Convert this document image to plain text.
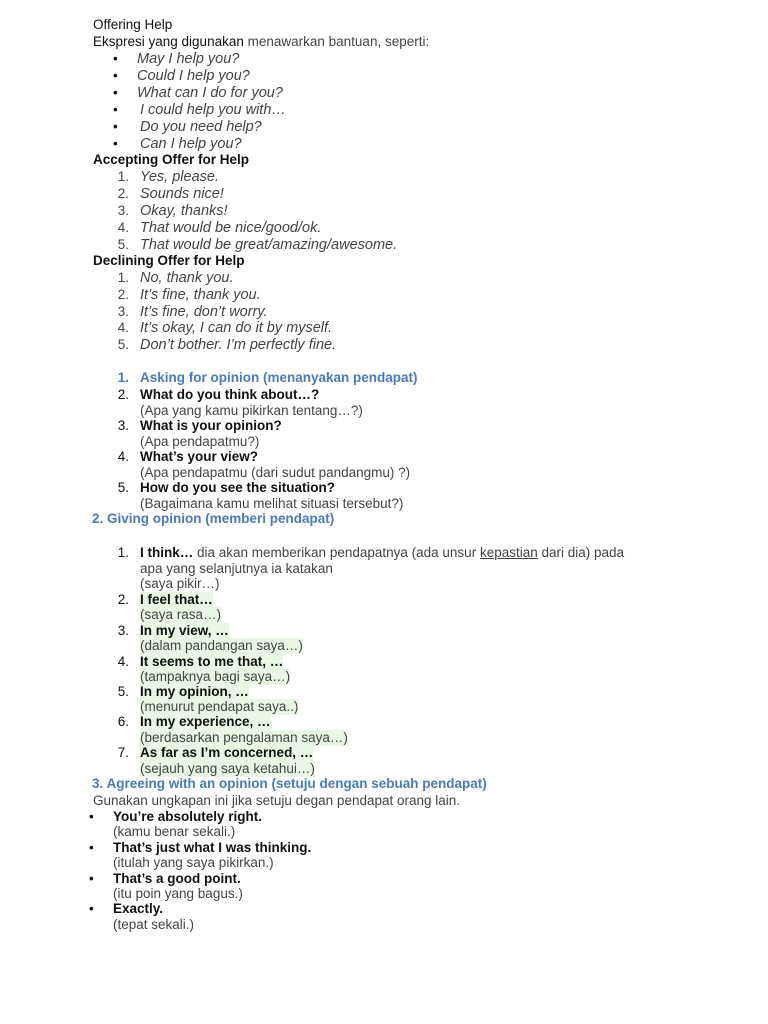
Offering Help
Ekspresi yang digunakan menawarkan bantuan, seperti:
• May I help you?
• Could I help you?
• What can I do for you?
• I could help you with…
• Do you need help?
• Can I help you?
Accepting Offer for Help
1. Yes, please.
2. Sounds nice!
3. Okay, thanks!
4. That would be nice/good/ok.
5. That would be great/amazing/awesome.
Declining Offer for Help
1. No, thank you.
2. It’s fine, thank you.
3. It’s fine, don’t worry.
4. It’s okay, I can do it by myself.
5. Don’t bother. I’m perfectly fine.
1. Asking for opinion (menanyakan pendapat)
2. What do you think about…?
(Apa yang kamu pikirkan tentang…?)
3. What is your opinion?
(Apa pendapatmu?)
4. What’s your view?
(Apa pendapatmu (dari sudut pandangmu) ?)
5. How do you see the situation?
(Bagaimana kamu melihat situasi tersebut?)
2. Giving opinion (memberi pendapat)
1. I think… dia akan memberikan pendapatnya (ada unsur kepastian dari dia) pada
apa yang selanjutnya ia katakan
(saya pikir…)
2. I feel that…
(saya rasa…)
3. In my view, …
(dalam pandangan saya…)
4. It seems to me that, …
(tampaknya bagi saya…)
5. In my opinion, …
(menurut pendapat saya..)
6. In my experience, …
(berdasarkan pengalaman saya…)
7. As far as I’m concerned, …
(sejauh yang saya ketahui…)
3. Agreeing with an opinion (setuju dengan sebuah pendapat)
Gunakan ungkapan ini jika setuju degan pendapat orang lain.
• You’re absolutely right.
(kamu benar sekali.)
• That’s just what I was thinking.
(itulah yang saya pikirkan.)
• That’s a good point.
(itu poin yang bagus.)
• Exactly.
(tepat sekali.)
